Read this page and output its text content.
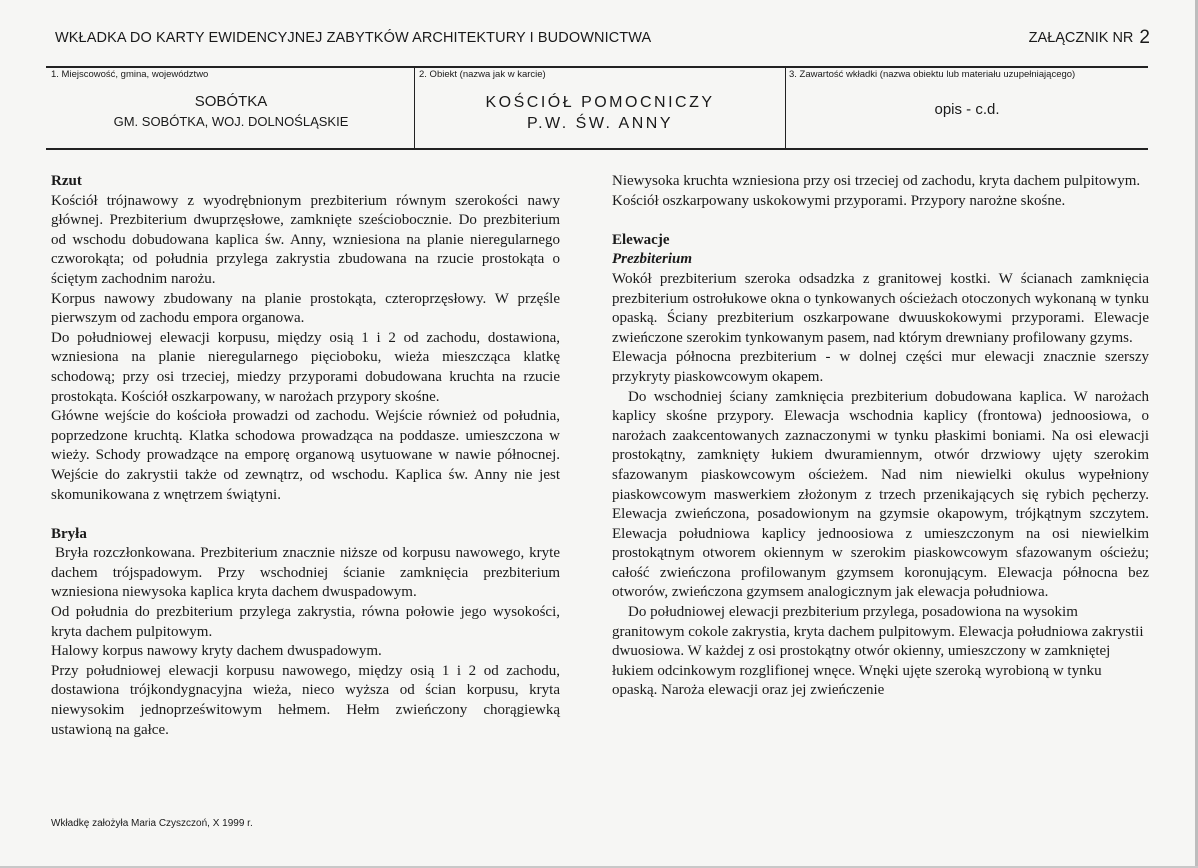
WKŁADKA DO KARTY EWIDENCYJNEJ ZABYTKÓW ARCHITEKTURY I BUDOWNICTWA	ZAŁĄCZNIK NR 2
1. Miejscowość, gmina, województwo
SOBÓTKA
GM. SOBÓTKA, WOJ. DOLNOŚLĄSKIE
2. Obiekt (nazwa jak w karcie)
KOŚCIÓŁ POMOCNICZY
P.W. ŚW. ANNY
3. Zawartość wkładki (nazwa obiektu lub materiału uzupełniającego)
opis - c.d.

Rzut

Kościół trójnawowy z wyodrębnionym prezbiterium równym szerokości nawy głównej. Prezbiterium dwuprzęsłowe, zamknięte sześciobocznie. Do prezbiterium od wschodu dobudowana kaplica św. Anny, wzniesiona na planie nieregularnego czworokąta; od południa przylega zakrystia zbudowana na rzucie prostokąta o ściętym zachodnim narożu.

Korpus nawowy zbudowany na planie prostokąta, czteroprzęsłowy. W przęśle pierwszym od zachodu empora organowa.

Do południowej elewacji korpusu, między osią 1 i 2 od zachodu, dostawiona, wzniesiona na planie nieregularnego pięcioboku, wieża mieszcząca klatkę schodową; przy osi trzeciej, miedzy przyporami dobudowana kruchta na rzucie prostokąta. Kościół oszkarpowany, w narożach przypory skośne.

Główne wejście do kościoła prowadzi od zachodu. Wejście również od południa, poprzedzone kruchtą. Klatka schodowa prowadząca na poddasze. umieszczona w wieży. Schody prowadzące na emporę organową usytuowane w nawie północnej. Wejście do zakrystii także od zewnątrz, od wschodu. Kaplica św. Anny nie jest skomunikowana z wnętrzem świątyni.

Bryła

Bryła rozczłonkowana. Prezbiterium znacznie niższe od korpusu nawowego, kryte dachem trójspadowym. Przy wschodniej ścianie zamknięcia prezbiterium wzniesiona niewysoka kaplica kryta dachem dwuspadowym.

Od południa do prezbiterium przylega zakrystia, równa połowie jego wysokości, kryta dachem pulpitowym.

Halowy korpus nawowy kryty dachem dwuspadowym.

Przy południowej elewacji korpusu nawowego, między osią 1 i 2 od zachodu, dostawiona trójkondygnacyjna wieża, nieco wyższa od ścian korpusu, kryta niewysokim jednoprześwitowym hełmem. Hełm zwieńczony chorągiewką ustawioną na gałce.

Niewysoka kruchta wzniesiona przy osi trzeciej od zachodu, kryta dachem pulpitowym.

Kościół oszkarpowany uskokowymi przyporami. Przypory narożne skośne.

Elewacje

Prezbiterium

Wokół prezbiterium szeroka odsadzka z granitowej kostki. W ścianach zamknięcia prezbiterium ostrołukowe okna o tynkowanych ościeżach otoczonych wykonaną w tynku opaską. Ściany prezbiterium oszkarpowane dwuuskokowymi przyporami. Elewacje zwieńczone szerokim tynkowanym pasem, nad którym drewniany profilowany gzyms.

Elewacja północna prezbiterium - w dolnej części mur elewacji znacznie szerszy przykryty piaskowcowym okapem.

Do wschodniej ściany zamknięcia prezbiterium dobudowana kaplica. W narożach kaplicy skośne przypory. Elewacja wschodnia kaplicy (frontowa) jednoosiowa, o narożach zaakcentowanych zaznaczonymi w tynku płaskimi boniami. Na osi elewacji prostokątny, zamknięty łukiem dwuramiennym, otwór drzwiowy ujęty szerokim sfazowanym piaskowcowym ościeżem. Nad nim niewielki okulus wypełniony piaskowcowym maswerkiem złożonym z trzech przenikających się rybich pęcherzy. Elewacja zwieńczona, posadowionym na gzymsie okapowym, trójkątnym szczytem. Elewacja południowa kaplicy jednoosiowa z umieszczonym na osi niewielkim prostokątnym otworem okiennym w szerokim piaskowcowym sfazowanym ościeżu; całość zwieńczona profilowanym gzymsem koronującym. Elewacja północna bez otworów, zwieńczona gzymsem analogicznym jak elewacja południowa.

Do południowej elewacji prezbiterium przylega, posadowiona na wysokim granitowym cokole zakrystia, kryta dachem pulpitowym. Elewacja południowa zakrystii dwuosiowa. W każdej z osi prostokątny otwór okienny, umieszczony w zamkniętej łukiem odcinkowym rozglifionej wnęce. Wnęki ujęte szeroką wyrobioną w tynku opaską. Naroża elewacji oraz jej zwieńczenie

Wkładkę założyła Maria Czyszczoń, X 1999 r.
